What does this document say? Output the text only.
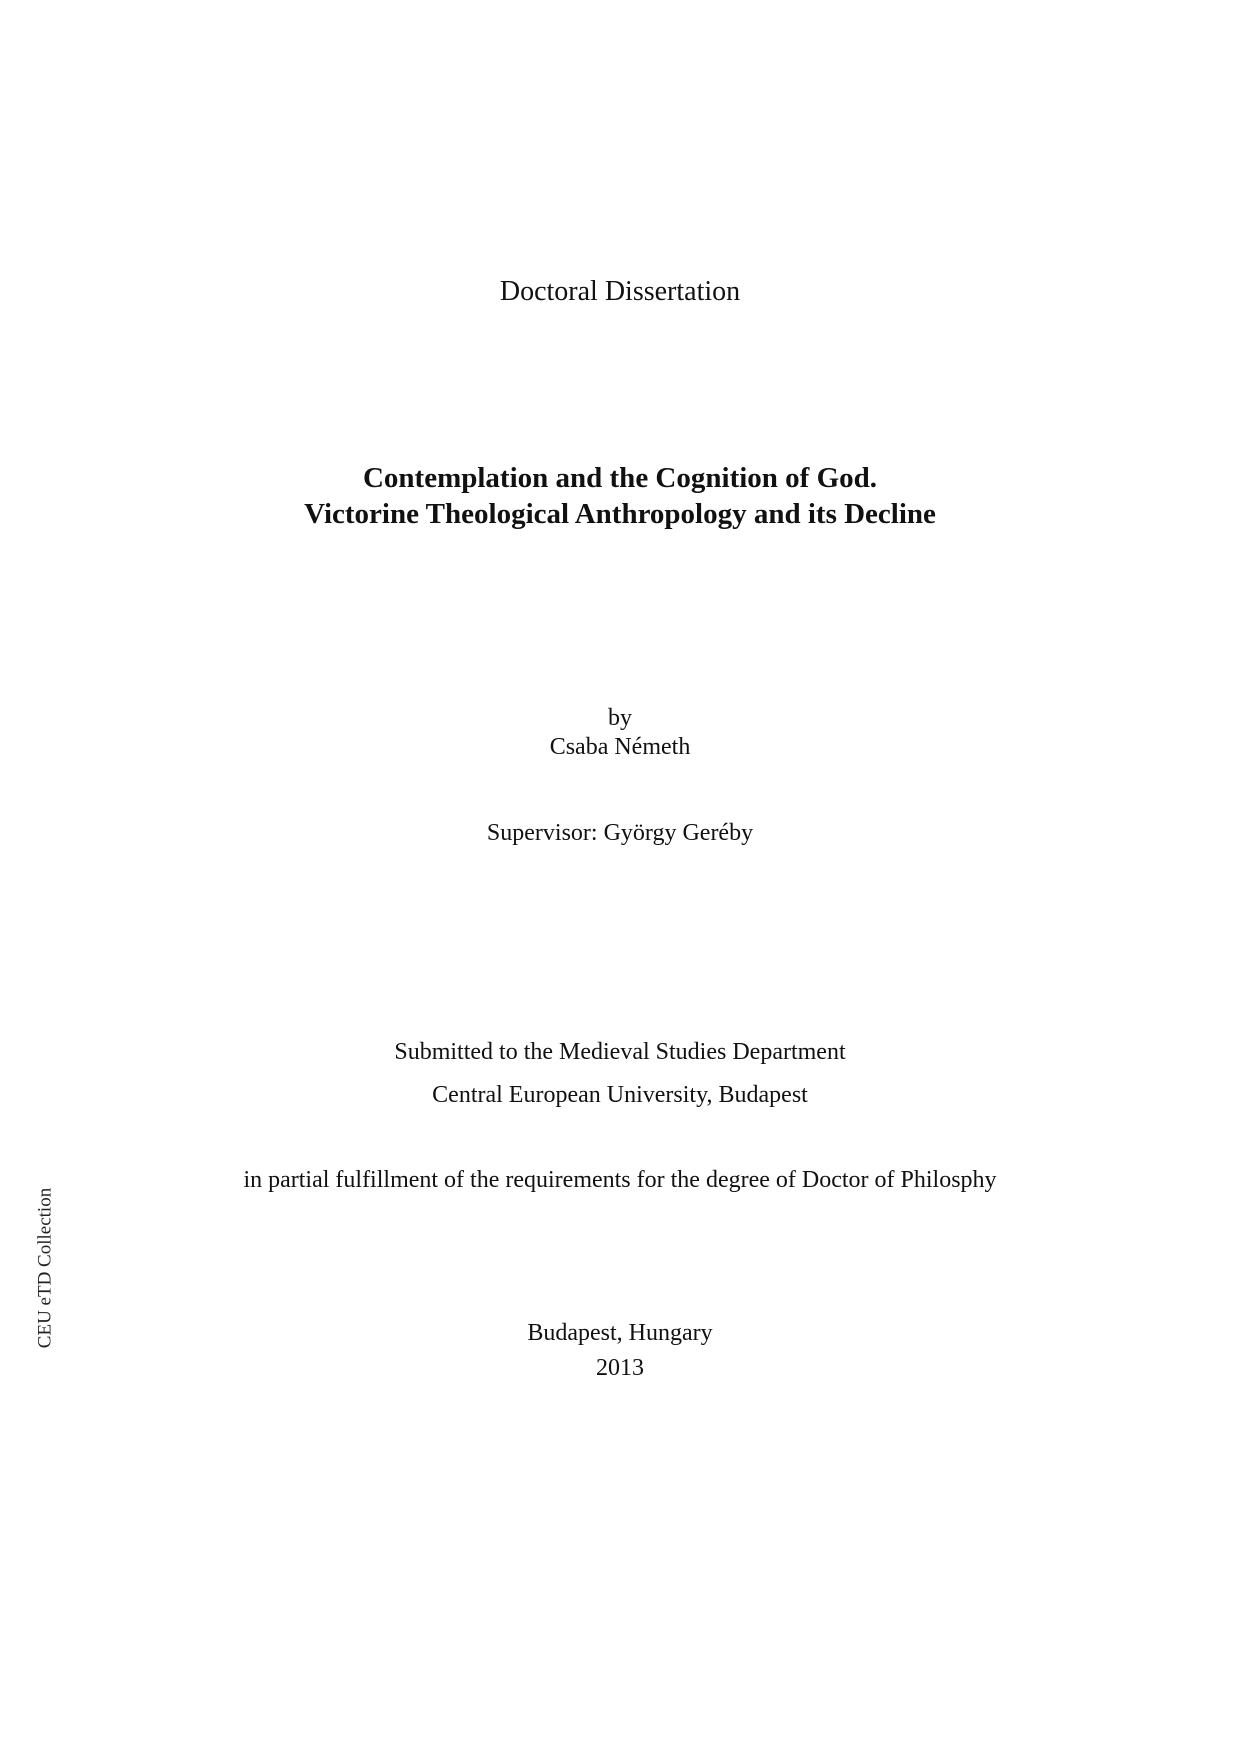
Doctoral Dissertation
Contemplation and the Cognition of God.
Victorine Theological Anthropology and its Decline
by
Csaba Németh
Supervisor: György Geréby
Submitted to the Medieval Studies Department
Central European University, Budapest
in partial fulfillment of the requirements for the degree of Doctor of Philosphy
Budapest, Hungary
2013
CEU eTD Collection
